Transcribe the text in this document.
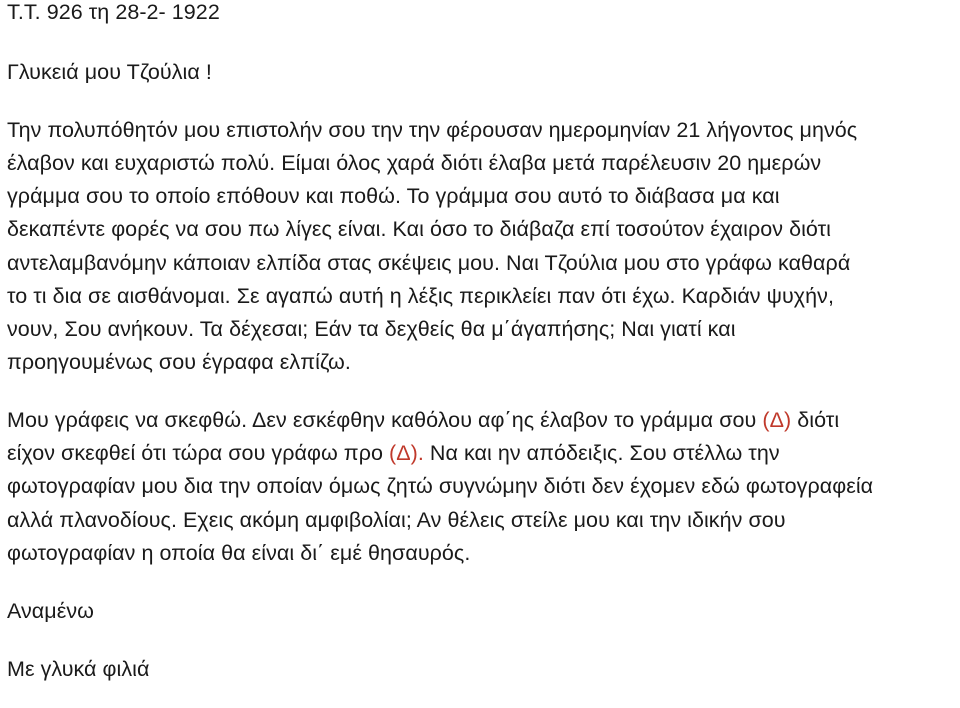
Τ.Τ. 926 τη 28-2- 1922
Γλυκειά μου Τζούλια !
Την πολυπόθητόν μου επιστολήν σου την την φέρουσαν ημερομηνίαν 21 λήγοντος μηνός
έλαβον και ευχαριστώ πολύ. Είμαι όλος χαρά διότι έλαβα μετά παρέλευσιν 20 ημερών
γράμμα σου το οποίο επόθουν και ποθώ. Το γράμμα σου αυτό το διάβασα μα και
δεκαπέντε φορές να σου πω λίγες είναι. Και όσο το διάβαζα επί τοσούτον έχαιρον διότι
αντελαμβανόμην κάποιαν ελπίδα στας σκέψεις μου. Ναι Τζούλια μου στο γράφω καθαρά
το τι δια σε αισθάνομαι. Σε αγαπώ αυτή η λέξις περικλείει παν ότι έχω. Καρδιάν ψυχήν,
νουν, Σου ανήκουν. Τα δέχεσαι; Εάν τα δεχθείς θα μ΄άγαπήσης; Ναι γιατί και
προηγουμένως σου έγραφα ελπίζω.
Μου γράφεις να σκεφθώ. Δεν εσκέφθην καθόλου αφ΄ης έλαβον το γράμμα σου (Δ) διότι
είχον σκεφθεί ότι τώρα σου γράφω προ (Δ). Να και ην απόδειξις. Σου στέλλω την
φωτογραφίαν μου δια την οποίαν όμως ζητώ συγνώμην διότι δεν έχομεν εδώ φωτογραφεία
αλλά πλανοδίους. Εχεις ακόμη αμφιβολίαι; Αν θέλεις στείλε μου και την ιδικήν σου
φωτογραφίαν η οποία θα είναι δι΄ εμέ θησαυρός.
Αναμένω
Με γλυκά φιλιά
